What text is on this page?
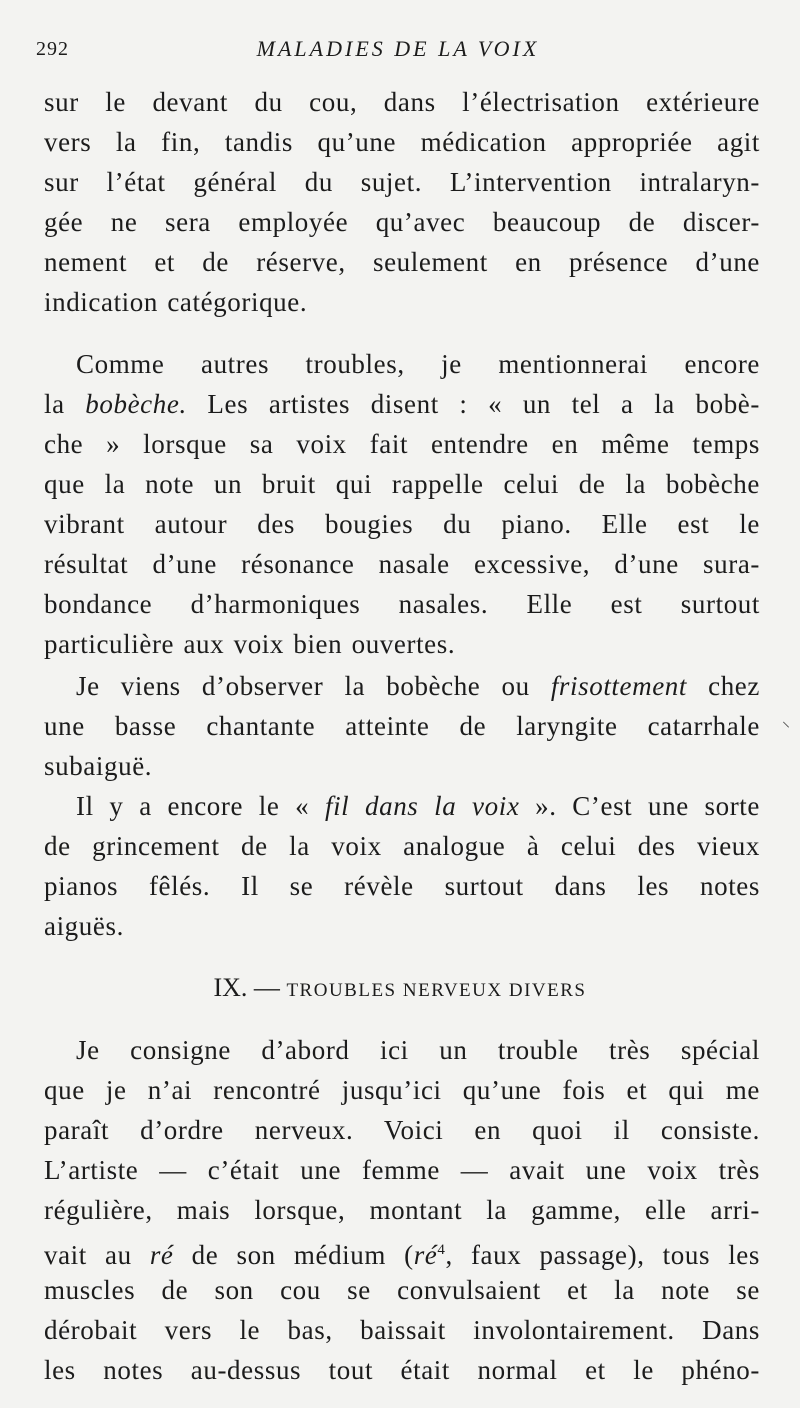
292	MALADIES DE LA VOIX
sur le devant du cou, dans l’électrisation extérieure
vers la fin, tandis qu’une médication appropriée agit
sur l’état général du sujet. L’intervention intralaryn-
gée ne sera employée qu’avec beaucoup de discer-
nement et de réserve, seulement en présence d’une
indication catégorique.
Comme autres troubles, je mentionnerai encore
la bobèche. Les artistes disent : « un tel a la bobè-
che » lorsque sa voix fait entendre en même temps
que la note un bruit qui rappelle celui de la bobèche
vibrant autour des bougies du piano. Elle est le
résultat d’une résonance nasale excessive, d’une sura-
bondance d’harmoniques nasales. Elle est surtout
particulière aux voix bien ouvertes.
Je viens d’observer la bobèche ou frisottement chez
une basse chantante atteinte de laryngite catarrhale
subaiguë.
Il y a encore le « fil dans la voix ». C’est une sorte
de grincement de la voix analogue à celui des vieux
pianos fêlés. Il se révèle surtout dans les notes
aiguës.
IX. — TROUBLES NERVEUX DIVERS
Je consigne d’abord ici un trouble très spécial
que je n’ai rencontré jusqu’ici qu’une fois et qui me
paraît d’ordre nerveux. Voici en quoi il consiste.
L’artiste — c’était une femme — avait une voix très
régulière, mais lorsque, montant la gamme, elle arri-
vait au ré de son médium ($ré^4$, faux passage), tous les
muscles de son cou se convulsaient et la note se
dérobait vers le bas, baissait involontairement. Dans
les notes au-dessus tout était normal et le phéno-
⸌
